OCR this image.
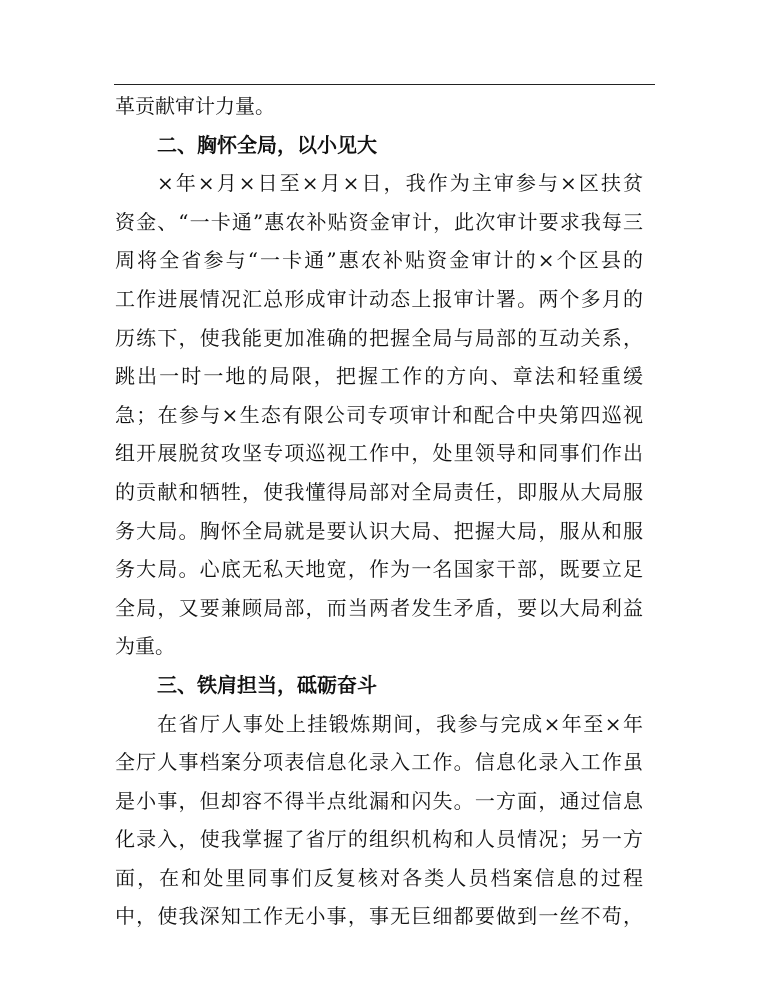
革贡献审计力量。
二、胸怀全局，以小见大
×年×月×日至×月×日，我作为主审参与×区扶贫
资金、“一卡通”惠农补贴资金审计，此次审计要求我每三
周将全省参与“一卡通”惠农补贴资金审计的×个区县的
工作进展情况汇总形成审计动态上报审计署。两个多月的
历练下，使我能更加准确的把握全局与局部的互动关系，
跳出一时一地的局限，把握工作的方向、章法和轻重缓
急；在参与×生态有限公司专项审计和配合中央第四巡视
组开展脱贫攻坚专项巡视工作中，处里领导和同事们作出
的贡献和牺牲，使我懂得局部对全局责任，即服从大局服
务大局。胸怀全局就是要认识大局、把握大局，服从和服
务大局。心底无私天地宽，作为一名国家干部，既要立足
全局，又要兼顾局部，而当两者发生矛盾，要以大局利益
为重。
三、铁肩担当，砥砺奋斗
在省厅人事处上挂锻炼期间，我参与完成×年至×年
全厅人事档案分项表信息化录入工作。信息化录入工作虽
是小事，但却容不得半点纰漏和闪失。一方面，通过信息
化录入，使我掌握了省厅的组织机构和人员情况；另一方
面，在和处里同事们反复核对各类人员档案信息的过程
中，使我深知工作无小事，事无巨细都要做到一丝不苟，
